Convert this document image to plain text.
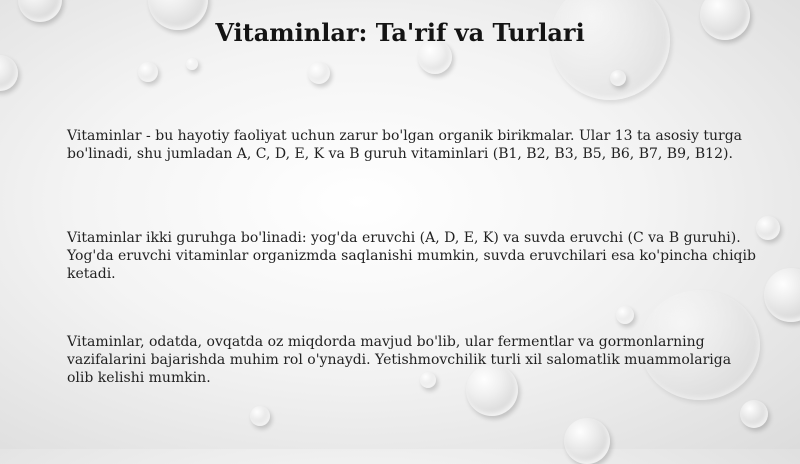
Vitaminlar: Ta'rif va Turlari

Vitaminlar - bu hayotiy faoliyat uchun zarur bo'lgan organik birikmalar. Ular 13 ta asosiy turga bo'linadi, shu jumladan A, C, D, E, K va B guruh vitaminlari (B1, B2, B3, B5, B6, B7, B9, B12).

Vitaminlar ikki guruhga bo'linadi: yog'da eruvchi (A, D, E, K) va suvda eruvchi (C va B guruhi). Yog'da eruvchi vitaminlar organizmda saqlanishi mumkin, suvda eruvchilari esa ko'pincha chiqib ketadi.

Vitaminlar, odatda, ovqatda oz miqdorda mavjud bo'lib, ular fermentlar va gormonlarning vazifalarini bajarishda muhim rol o'ynaydi. Yetishmovchilik turli xil salomatlik muammolariga olib kelishi mumkin.
